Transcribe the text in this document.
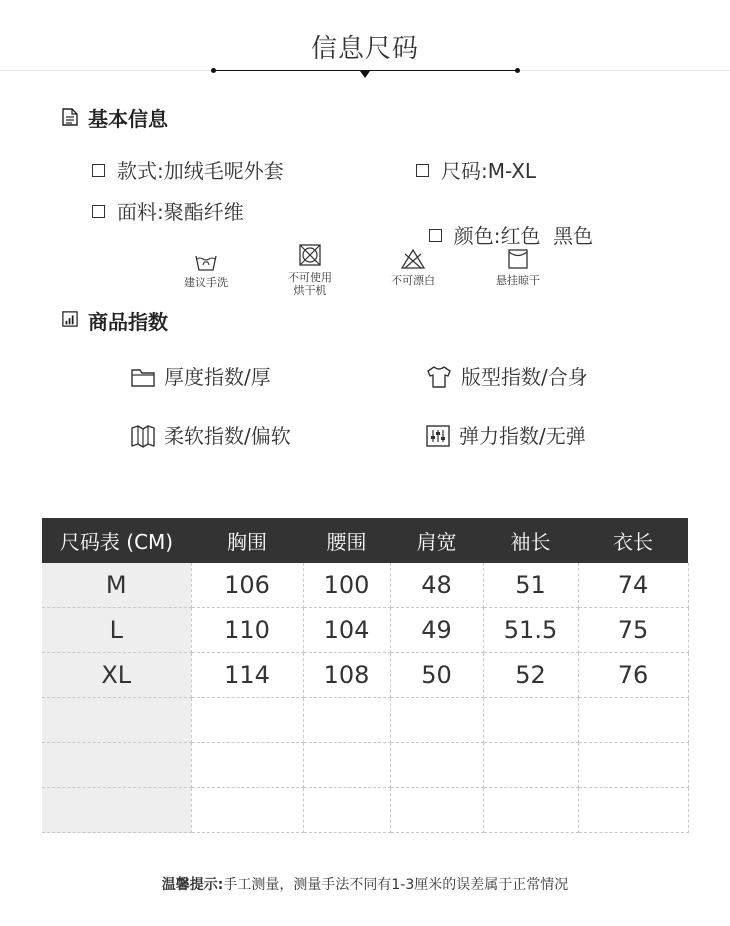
信息尺码
基本信息
款式:加绒毛呢外套	尺码:M-XL
面料:聚酯纤维

颜色:红色  黑色

建议手洗	不可使用
烘干机
不可漂白	悬挂晾干
商品指数
厚度指数/厚	版型指数/合身
柔软指数/偏软	弹力指数/无弹
尺码表 (CM)	胸围	腰围	肩宽	袖长	衣长
M	106	100	48	51	74
L	110	104	49	51.5	75
XL	114	108	50	52	76

温馨提示:手工测量，测量手法不同有1-3厘米的误差属于正常情况
